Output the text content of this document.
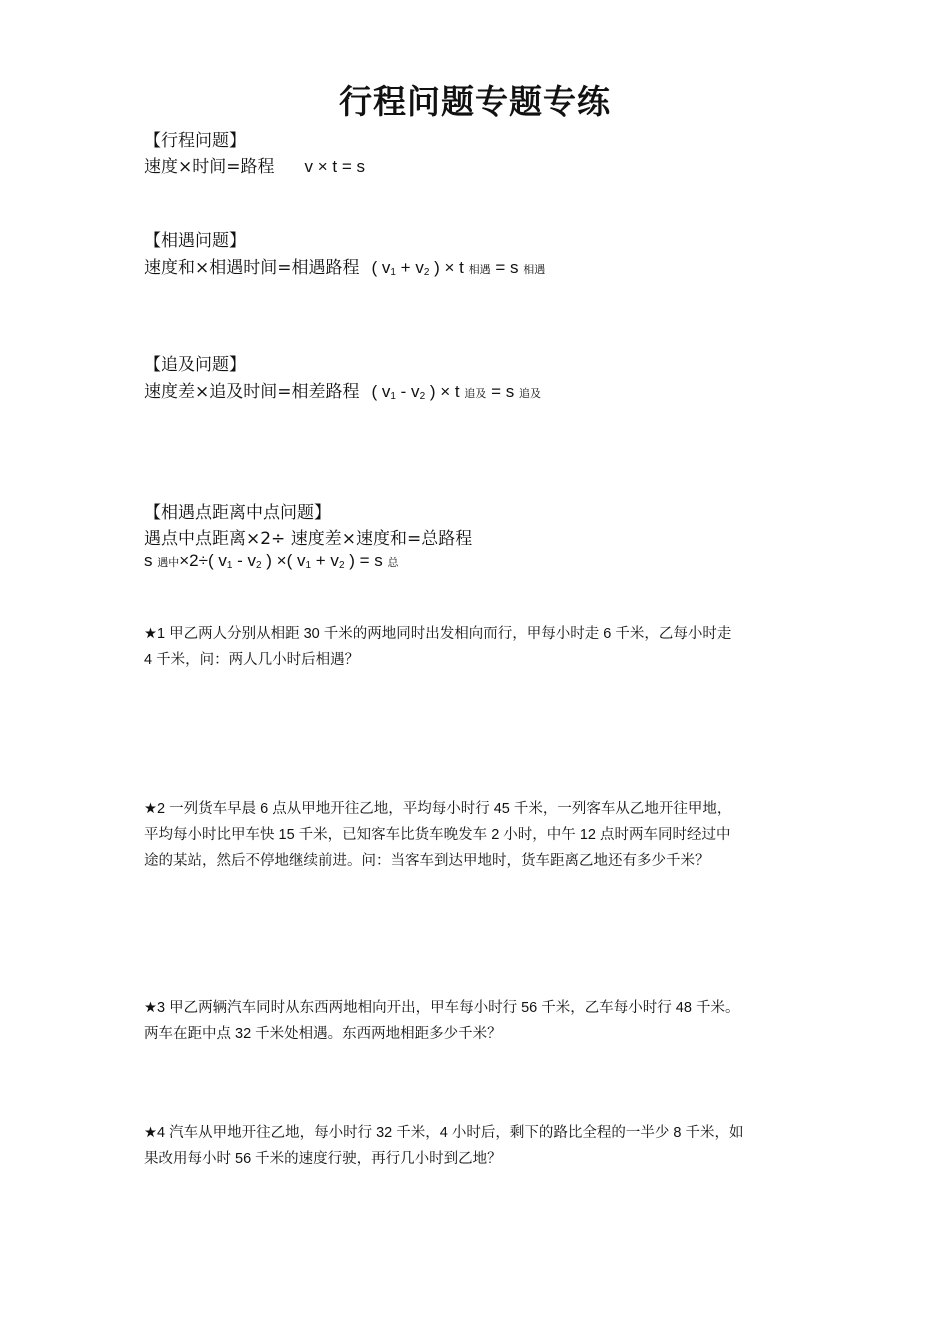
行程问题专题专练
【行程问题】
速度×时间=路程 v × t = s
【相遇问题】
速度和×相遇时间=相遇路程 ( v1 + v2 ) × t 相遇 = s 相遇
【追及问题】
速度差×追及时间=相差路程 ( v1 - v2 ) × t 追及 = s 追及
【相遇点距离中点问题】
遇点中点距离×2÷ 速度差×速度和=总路程
s 遇中×2÷( v1 - v2 ) ×( v1 + v2 ) = s 总
★1 甲乙两人分别从相距 30 千米的两地同时出发相向而行，甲每小时走 6 千米，乙每小时走
4 千米，问：两人几小时后相遇？
★2 一列货车早晨 6 点从甲地开往乙地，平均每小时行 45 千米，一列客车从乙地开往甲地，
平均每小时比甲车快 15 千米，已知客车比货车晚发车 2 小时，中午 12 点时两车同时经过中
途的某站，然后不停地继续前进。问：当客车到达甲地时，货车距离乙地还有多少千米？
★3 甲乙两辆汽车同时从东西两地相向开出，甲车每小时行 56 千米，乙车每小时行 48 千米。
两车在距中点 32 千米处相遇。东西两地相距多少千米？
★4 汽车从甲地开往乙地，每小时行 32 千米，4 小时后，剩下的路比全程的一半少 8 千米，如
果改用每小时 56 千米的速度行驶，再行几小时到乙地？
